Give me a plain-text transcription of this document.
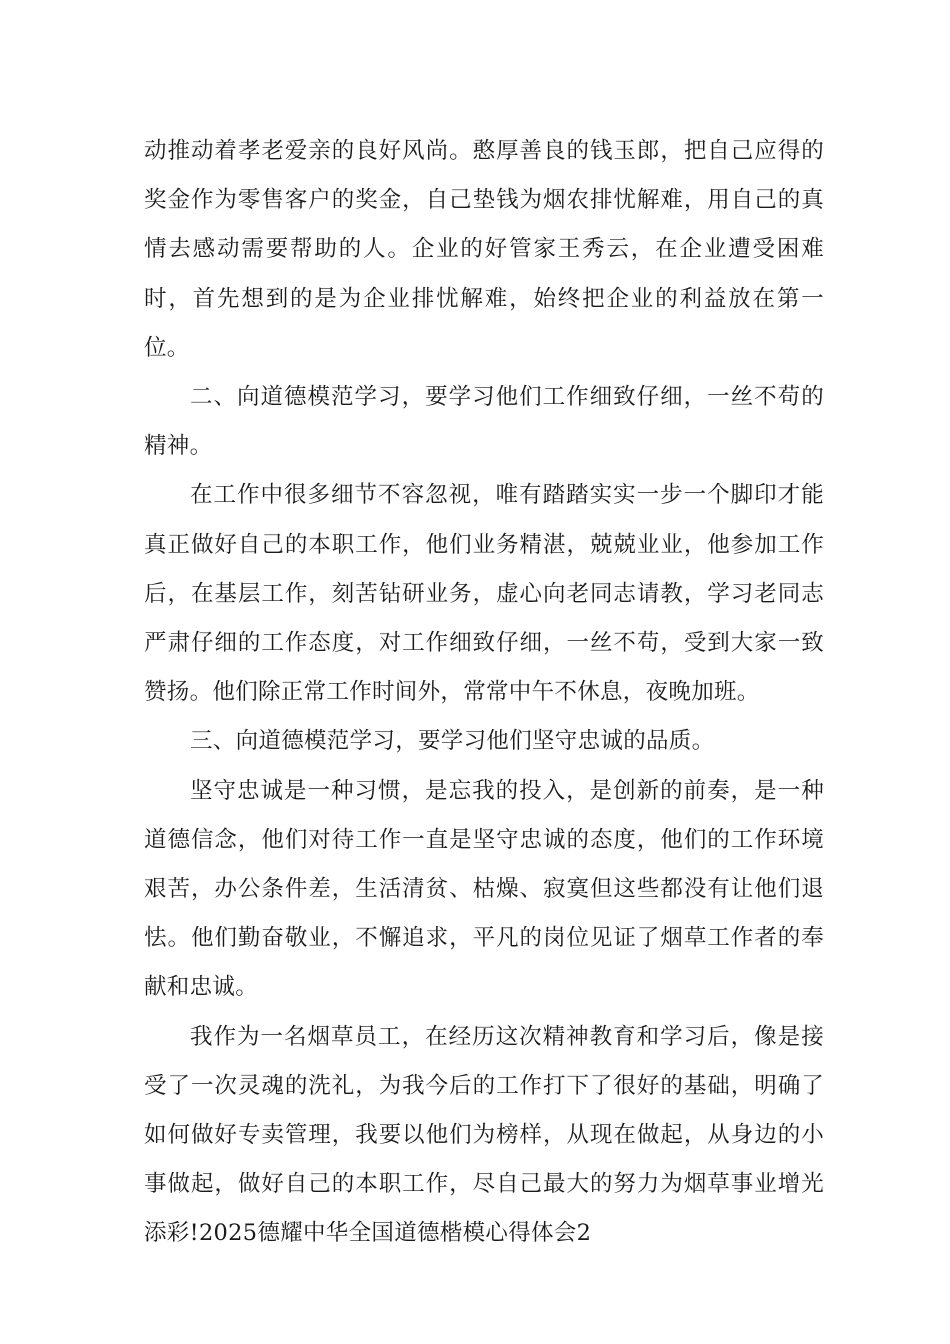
动推动着孝老爱亲的良好风尚。憨厚善良的钱玉郎，把自己应得的奖金作为零售客户的奖金，自己垫钱为烟农排忧解难，用自己的真情去感动需要帮助的人。企业的好管家王秀云，在企业遭受困难时，首先想到的是为企业排忧解难，始终把企业的利益放在第一位。

二、向道德模范学习，要学习他们工作细致仔细，一丝不苟的精神。

在工作中很多细节不容忽视，唯有踏踏实实一步一个脚印才能真正做好自己的本职工作，他们业务精湛，兢兢业业，他参加工作后，在基层工作，刻苦钻研业务，虚心向老同志请教，学习老同志严肃仔细的工作态度，对工作细致仔细，一丝不苟，受到大家一致赞扬。他们除正常工作时间外，常常中午不休息，夜晚加班。

三、向道德模范学习，要学习他们坚守忠诚的品质。

坚守忠诚是一种习惯，是忘我的投入，是创新的前奏，是一种道德信念，他们对待工作一直是坚守忠诚的态度，他们的工作环境艰苦，办公条件差，生活清贫、枯燥、寂寞但这些都没有让他们退怯。他们勤奋敬业，不懈追求，平凡的岗位见证了烟草工作者的奉献和忠诚。

我作为一名烟草员工，在经历这次精神教育和学习后，像是接受了一次灵魂的洗礼，为我今后的工作打下了很好的基础，明确了如何做好专卖管理，我要以他们为榜样，从现在做起，从身边的小事做起，做好自己的本职工作，尽自己最大的努力为烟草事业增光添彩!2025德耀中华全国道德楷模心得体会2
